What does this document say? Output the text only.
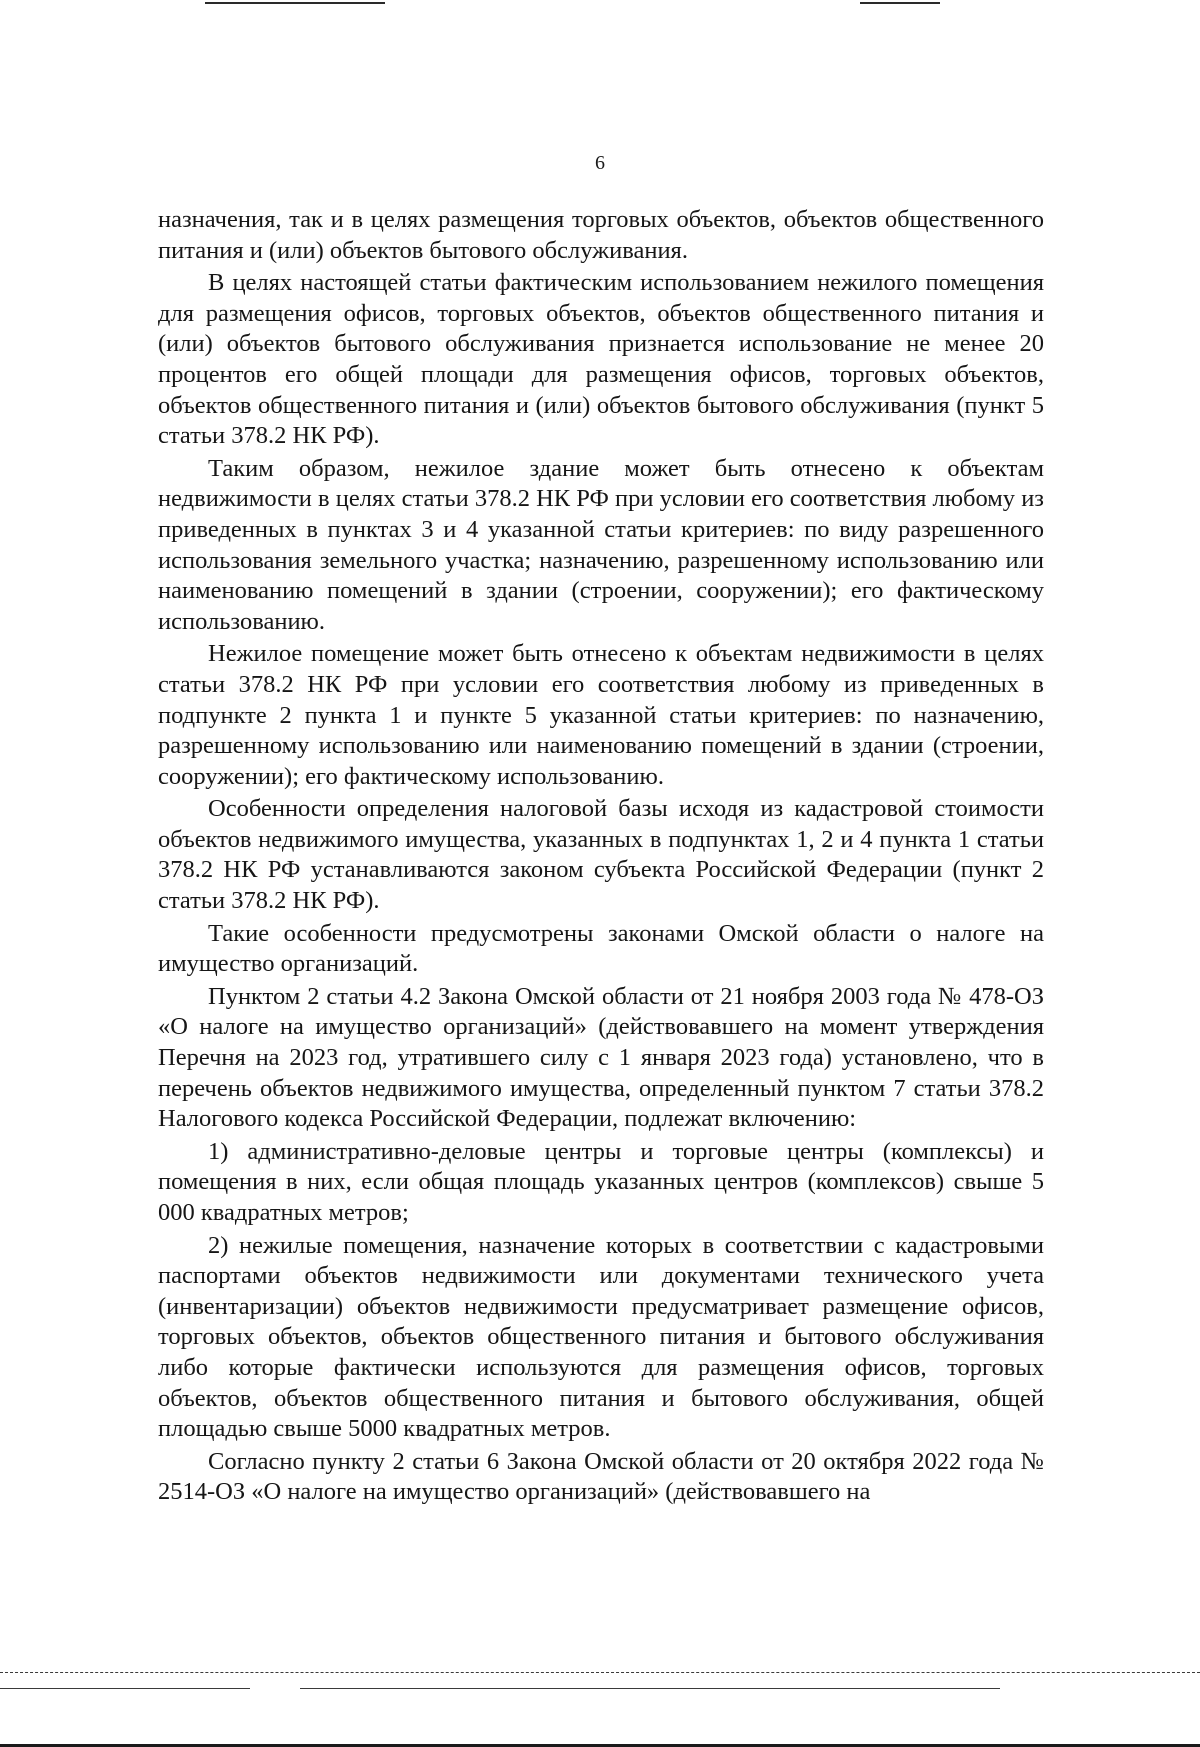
6

назначения, так и в целях размещения торговых объектов, объектов общественного питания и (или) объектов бытового обслуживания.

В целях настоящей статьи фактическим использованием нежилого помещения для размещения офисов, торговых объектов, объектов общественного питания и (или) объектов бытового обслуживания признается использование не менее 20 процентов его общей площади для размещения офисов, торговых объектов, объектов общественного питания и (или) объектов бытового обслуживания (пункт 5 статьи 378.2 НК РФ).

Таким образом, нежилое здание может быть отнесено к объектам недвижимости в целях статьи 378.2 НК РФ при условии его соответствия любому из приведенных в пунктах 3 и 4 указанной статьи критериев: по виду разрешенного использования земельного участка; назначению, разрешенному использованию или наименованию помещений в здании (строении, сооружении); его фактическому использованию.

Нежилое помещение может быть отнесено к объектам недвижимости в целях статьи 378.2 НК РФ при условии его соответствия любому из приведенных в подпункте 2 пункта 1 и пункте 5 указанной статьи критериев: по назначению, разрешенному использованию или наименованию помещений в здании (строении, сооружении); его фактическому использованию.

Особенности определения налоговой базы исходя из кадастровой стоимости объектов недвижимого имущества, указанных в подпунктах 1, 2 и 4 пункта 1 статьи 378.2 НК РФ устанавливаются законом субъекта Российской Федерации (пункт 2 статьи 378.2 НК РФ).

Такие особенности предусмотрены законами Омской области о налоге на имущество организаций.

Пунктом 2 статьи 4.2 Закона Омской области от 21 ноября 2003 года № 478-ОЗ «О налоге на имущество организаций» (действовавшего на момент утверждения Перечня на 2023 год, утратившего силу с 1 января 2023 года) установлено, что в перечень объектов недвижимого имущества, определенный пунктом 7 статьи 378.2 Налогового кодекса Российской Федерации, подлежат включению:

1) административно-деловые центры и торговые центры (комплексы) и помещения в них, если общая площадь указанных центров (комплексов) свыше 5 000 квадратных метров;

2) нежилые помещения, назначение которых в соответствии с кадастровыми паспортами объектов недвижимости или документами технического учета (инвентаризации) объектов недвижимости предусматривает размещение офисов, торговых объектов, объектов общественного питания и бытового обслуживания либо которые фактически используются для размещения офисов, торговых объектов, объектов общественного питания и бытового обслуживания, общей площадью свыше 5000 квадратных метров.

Согласно пункту 2 статьи 6 Закона Омской области от 20 октября 2022 года № 2514-ОЗ «О налоге на имущество организаций» (действовавшего на
